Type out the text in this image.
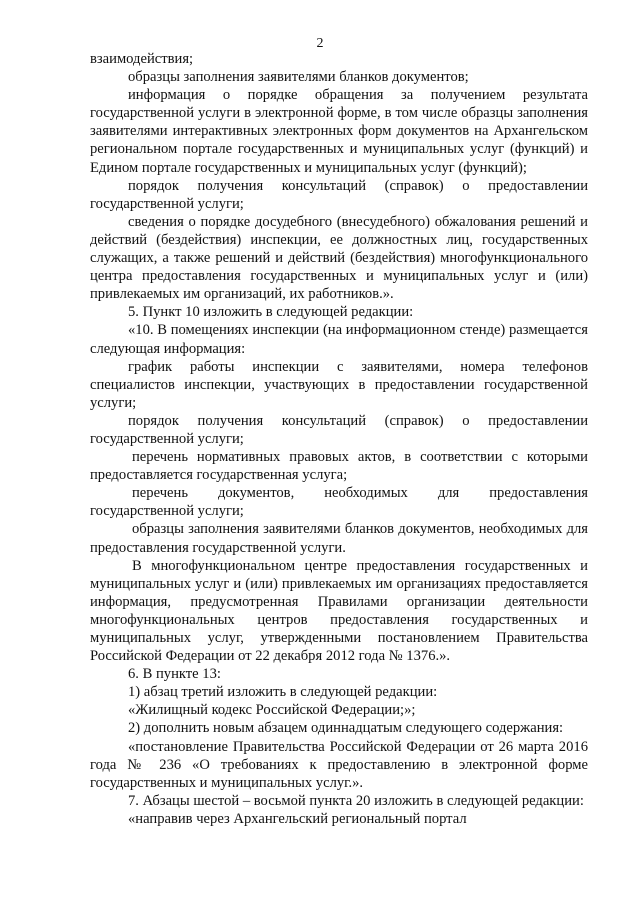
2

взаимодействия;

образцы заполнения заявителями бланков документов;

информация о порядке обращения за получением результата государственной услуги в электронной форме, в том числе образцы заполнения заявителями интерактивных электронных форм документов на Архангельском региональном портале государственных и муниципальных услуг (функций) и Едином портале государственных и муниципальных услуг (функций);

порядок получения консультаций (справок) о предоставлении государственной услуги;

сведения о порядке досудебного (внесудебного) обжалования решений и действий (бездействия) инспекции, ее должностных лиц, государственных служащих, а также решений и действий (бездействия) многофункционального центра предоставления государственных и муниципальных услуг и (или) привлекаемых им организаций, их работников.».

5. Пункт 10 изложить в следующей редакции:

«10. В помещениях инспекции (на информационном стенде) размещается следующая информация:

график работы инспекции с заявителями, номера телефонов специалистов инспекции, участвующих в предоставлении государственной услуги;

порядок получения консультаций (справок) о предоставлении государственной услуги;

перечень нормативных правовых актов, в соответствии с которыми предоставляется государственная услуга;

перечень документов, необходимых для предоставления государственной услуги;

образцы заполнения заявителями бланков документов, необходимых для предоставления государственной услуги.

В многофункциональном центре предоставления государственных и муниципальных услуг и (или) привлекаемых им организациях предоставляется информация, предусмотренная Правилами организации деятельности многофункциональных центров предоставления государственных и муниципальных услуг, утвержденными постановлением Правительства Российской Федерации от 22 декабря 2012 года № 1376.».

6. В пункте 13:

1) абзац третий изложить в следующей редакции:

«Жилищный кодекс Российской Федерации;»;

2) дополнить новым абзацем одиннадцатым следующего содержания:

«постановление Правительства Российской Федерации от 26 марта 2016 года № 236 «О требованиях к предоставлению в электронной форме государственных и муниципальных услуг.».

7. Абзацы шестой – восьмой пункта 20 изложить в следующей редакции:

«направив через Архангельский региональный портал
